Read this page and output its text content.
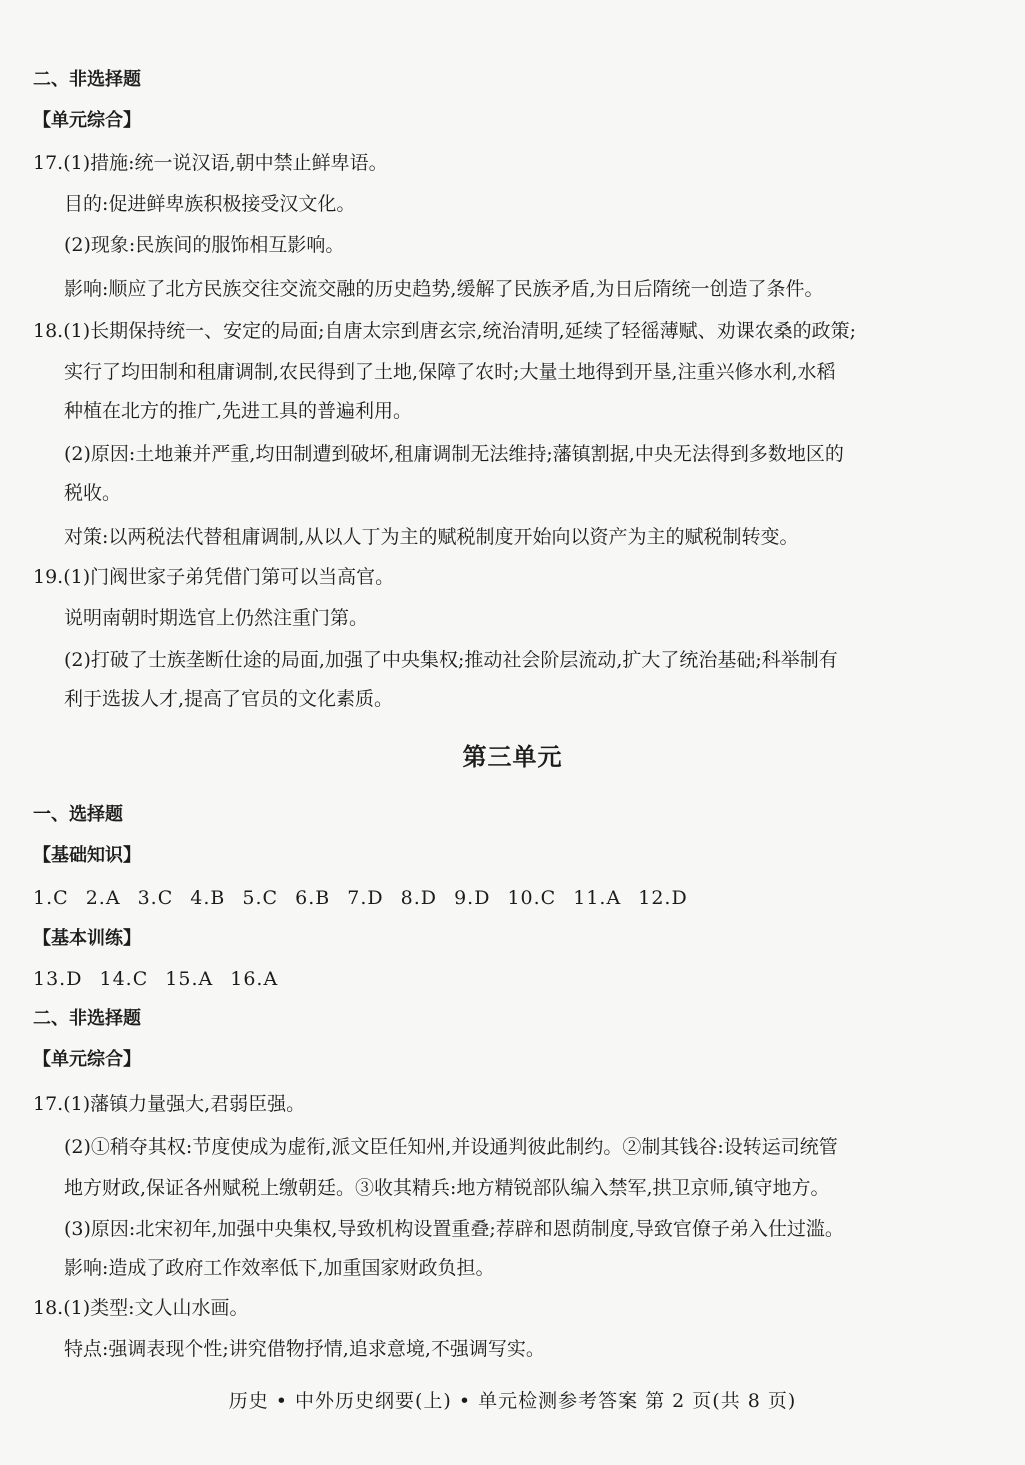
二、非选择题
【单元综合】
17.(1)措施:统一说汉语,朝中禁止鲜卑语。
目的:促进鲜卑族积极接受汉文化。
(2)现象:民族间的服饰相互影响。
影响:顺应了北方民族交往交流交融的历史趋势,缓解了民族矛盾,为日后隋统一创造了条件。
18.(1)长期保持统一、安定的局面;自唐太宗到唐玄宗,统治清明,延续了轻徭薄赋、劝课农桑的政策;
实行了均田制和租庸调制,农民得到了土地,保障了农时;大量土地得到开垦,注重兴修水利,水稻
种植在北方的推广,先进工具的普遍利用。
(2)原因:土地兼并严重,均田制遭到破坏,租庸调制无法维持;藩镇割据,中央无法得到多数地区的
税收。
对策:以两税法代替租庸调制,从以人丁为主的赋税制度开始向以资产为主的赋税制转变。
19.(1)门阀世家子弟凭借门第可以当高官。
说明南朝时期选官上仍然注重门第。
(2)打破了士族垄断仕途的局面,加强了中央集权;推动社会阶层流动,扩大了统治基础;科举制有
利于选拔人才,提高了官员的文化素质。
第三单元
一、选择题
【基础知识】
1.C 2.A 3.C 4.B 5.C 6.B 7.D 8.D 9.D 10.C 11.A 12.D
【基本训练】
13.D 14.C 15.A 16.A
二、非选择题
【单元综合】
17.(1)藩镇力量强大,君弱臣强。
(2)①稍夺其权:节度使成为虚衔,派文臣任知州,并设通判彼此制约。②制其钱谷:设转运司统管
地方财政,保证各州赋税上缴朝廷。③收其精兵:地方精锐部队编入禁军,拱卫京师,镇守地方。
(3)原因:北宋初年,加强中央集权,导致机构设置重叠;荐辟和恩荫制度,导致官僚子弟入仕过滥。
影响:造成了政府工作效率低下,加重国家财政负担。
18.(1)类型:文人山水画。
特点:强调表现个性;讲究借物抒情,追求意境,不强调写实。
历史 • 中外历史纲要(上) • 单元检测参考答案 第 2 页(共 8 页)
